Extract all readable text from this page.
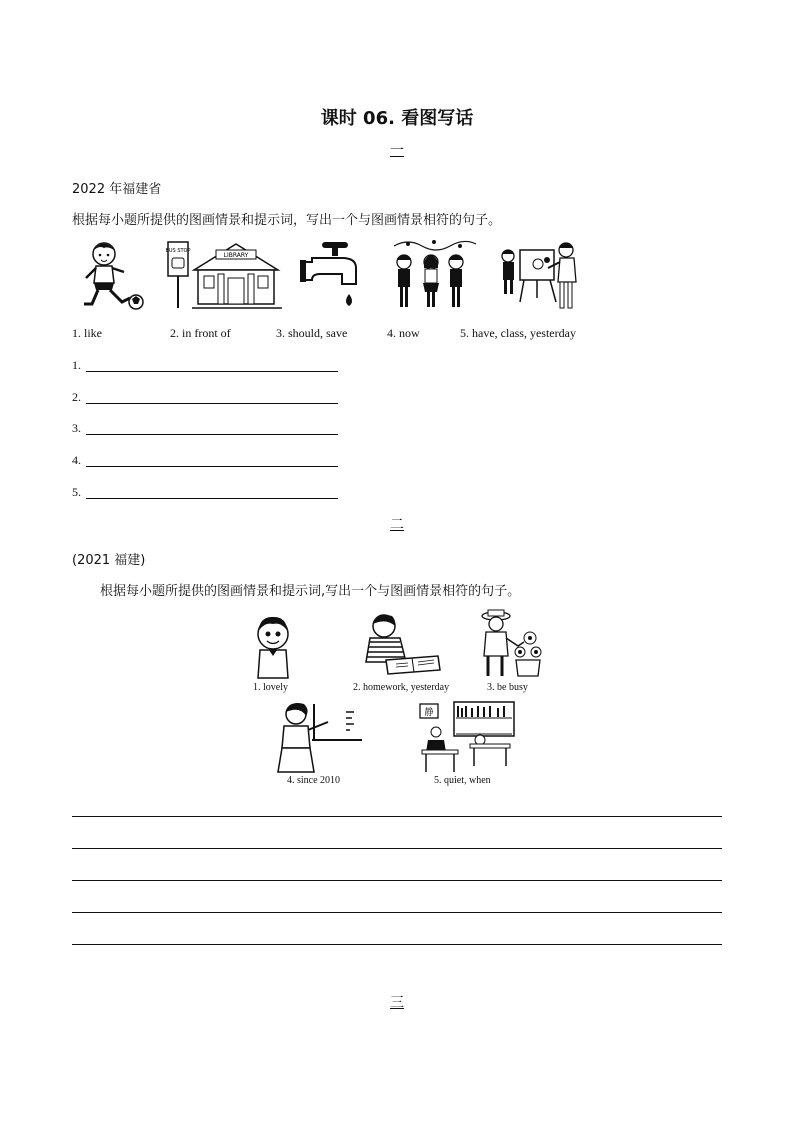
课时 06. 看图写话
一
2022 年福建省
根据每小题所提供的图画情景和提示词，写出一个与图画情景相符的句子。
BUS STOP
LIBRARY
1. like	2. in front of	3. should, save	4. now	5. have, class, yesterday
1.
2.
3.
4.
5.
二
(2021 福建)
根据每小题所提供的图画情景和提示词,写出一个与图画情景相符的句子。
1. lovely	2. homework, yesterday	3. be busy
4. since 2010
静
5. quiet, when
三
